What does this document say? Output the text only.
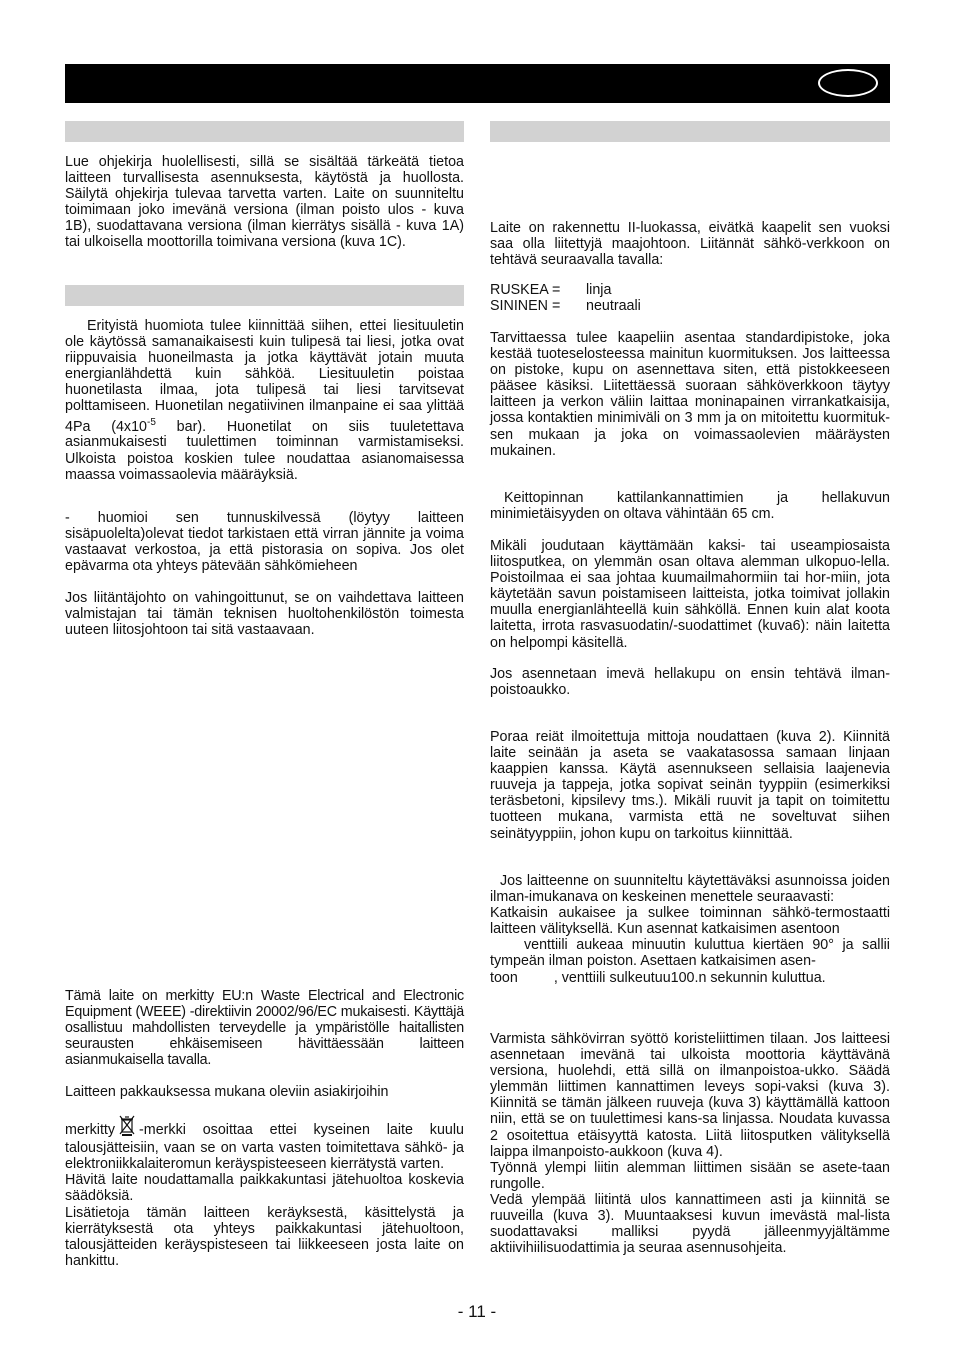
Lue ohjekirja huolellisesti, sillä se sisältää tärkeätä tietoa laitteen turvallisesta asennuksesta, käytöstä ja huollosta. Säilytä ohjekirja tulevaa tarvetta varten. Laite on suunniteltu toimimaan joko imevänä versiona (ilman poisto ulos - kuva 1B), suodattavana versiona (ilman kierrätys sisällä - kuva 1A) tai ulkoisella moottorilla toimivana versiona (kuva 1C).

Erityistä huomiota tulee kiinnittää siihen, ettei liesituuletin ole käytössä samanaikaisesti kuin tulipesä tai liesi, jotka ovat riippuvaisia huoneilmasta ja jotka käyttävät jotain muuta energianlähdettä kuin sähköä. Liesituuletin poistaa huonetilasta ilmaa, jota tulipesä tai liesi tarvitsevat polttamiseen. Huonetilan negatiivinen ilmanpaine ei saa ylittää 4Pa ($4x10^{-5}$ bar). Huonetilat on siis tuuletettava asianmukaisesti tuulettimen toiminnan varmistamiseksi. Ulkoista poistoa koskien tulee noudattaa asianomaisessa maassa voimassaolevia määräyksiä.

- huomioi sen tunnuskilvessä (löytyy laitteen sisäpuolelta)olevat tiedot tarkistaen että virran jännite ja voima vastaavat verkostoa, ja että pistorasia on sopiva. Jos olet epävarma ota yhteys pätevään sähkömieheen

Jos liitäntäjohto on vahingoittunut, se on vaihdettava laitteen valmistajan tai tämän teknisen huoltohenkilöstön toimesta uuteen liitosjohtoon tai sitä vastaavaan.

Tämä laite on merkitty EU:n Waste Electrical and Electronic Equipment (WEEE) -direktiivin 20002/96/EC mukaisesti. Käyttäjä osallistuu mahdollisten terveydelle ja ympäristölle haitallisten seurausten ehkäisemiseen hävittäessään laitteen asianmukaisella tavalla.

Laitteen pakkauksessa mukana oleviin asiakirjoihin

merkitty -merkki osoittaa ettei kyseinen laite kuulu talousjätteisiin, vaan se on varta vasten toimitettava sähkö- ja elektroniikkalaiteromun keräyspisteeseen kierrätystä varten.

Hävitä laite noudattamalla paikkakuntasi jätehuoltoa koskevia säädöksiä.

Lisätietoja tämän laitteen keräyksestä, käsittelystä ja kierrätyksestä ota yhteys paikkakuntasi jätehuoltoon, talousjätteiden keräyspisteseen tai liikkeeseen josta laite on hankittu.

Laite on rakennettu II-luokassa, eivätkä kaapelit sen vuoksi saa olla liitettyjä maajohtoon. Liitännät sähkö-verkkoon on tehtävä seuraavalla tavalla:

RUSKEA = linja
SININEN = neutraali

Tarvittaessa tulee kaapeliin asentaa standardipistoke, joka kestää tuoteselosteessa mainitun kuormituksen. Jos laitteessa on pistoke, kupu on asennettava siten, että pistokkeeseen pääsee käsiksi. Liitettäessä suoraan sähköverkkoon täytyy laitteen ja verkon väliin laittaa moninapainen virrankatkaisija, jossa kontaktien minimiväli on 3 mm ja on mitoitettu kuormituk-sen mukaan ja joka on voimassaolevien määräysten mukainen.

Keittopinnan kattilankannattimien ja hellakuvun minimietäisyyden on oltava vähintään 65 cm.

Mikäli joudutaan käyttämään kaksi- tai useampiosaista liitosputkea, on ylemmän osan oltava alemman ulkopuo-lella. Poistoilmaa ei saa johtaa kuumailmahormiin tai hor-miin, jota käytetään savun poistamiseen laitteista, jotka toimivat jollakin muulla energianlähteellä kuin sähköllä. Ennen kuin alat koota laitetta, irrota rasvasuodatin/-suodattimet (kuva6): näin laitetta on helpompi käsitellä.

Jos asennetaan imevä hellakupu on ensin tehtävä ilman-poistoaukko.

Poraa reiät ilmoitettuja mittoja noudattaen (kuva 2). Kiinnitä laite seinään ja aseta se vaakatasossa samaan linjaan kaappien kanssa. Käytä asennukseen sellaisia laajenevia ruuveja ja tappeja, jotka sopivat seinän tyyppiin (esimerkiksi teräsbetoni, kipsilevy tms.). Mikäli ruuvit ja tapit on toimitettu tuotteen mukana, varmista että ne soveltuvat siihen seinätyyppiin, johon kupu on tarkoitus kiinnittää.

Jos laitteenne on suunniteltu käytettäväksi asunnoissa joiden ilman-imukanava on keskeinen menettele seuraavasti:

Katkaisin aukaisee ja sulkee toiminnan sähkö-termostaatti laitteen välityksellä. Kun asennat katkaisimen asentoon

venttiili aukeaa minuutin kuluttua kiertäen 90° ja sallii tympeän ilman poiston. Asettaen katkaisimen asen-

toon	, venttiili sulkeutuu100.n sekunnin kuluttua.

Varmista sähkövirran syöttö koristeliittimen tilaan. Jos laitteesi asennetaan imevänä tai ulkoista moottoria käyttävänä versiona, huolehdi, että sillä on ilmanpoistoa-ukko. Säädä ylemmän liittimen kannattimen leveys sopi-vaksi (kuva 3). Kiinnitä se tämän jälkeen ruuveja (kuva 3) käyttämällä kattoon niin, että se on tuulettimesi kans-sa linjassa. Noudata kuvassa 2 osoitettua etäisyyttä katosta. Liitä liitosputken välityksellä laippa ilmanpoisto-aukkoon (kuva 4).

Työnnä ylempi liitin alemman liittimen sisään se asete-taan rungolle.

Vedä ylempää liitintä ulos kannattimeen asti ja kiinnitä se ruuveilla (kuva 3). Muuntaaksesi kuvun imevästä mal-lista suodattavaksi malliksi pyydä jälleenmyyjältämme aktiivihiilisuodattimia ja seuraa asennusohjeita.

- 11 -
